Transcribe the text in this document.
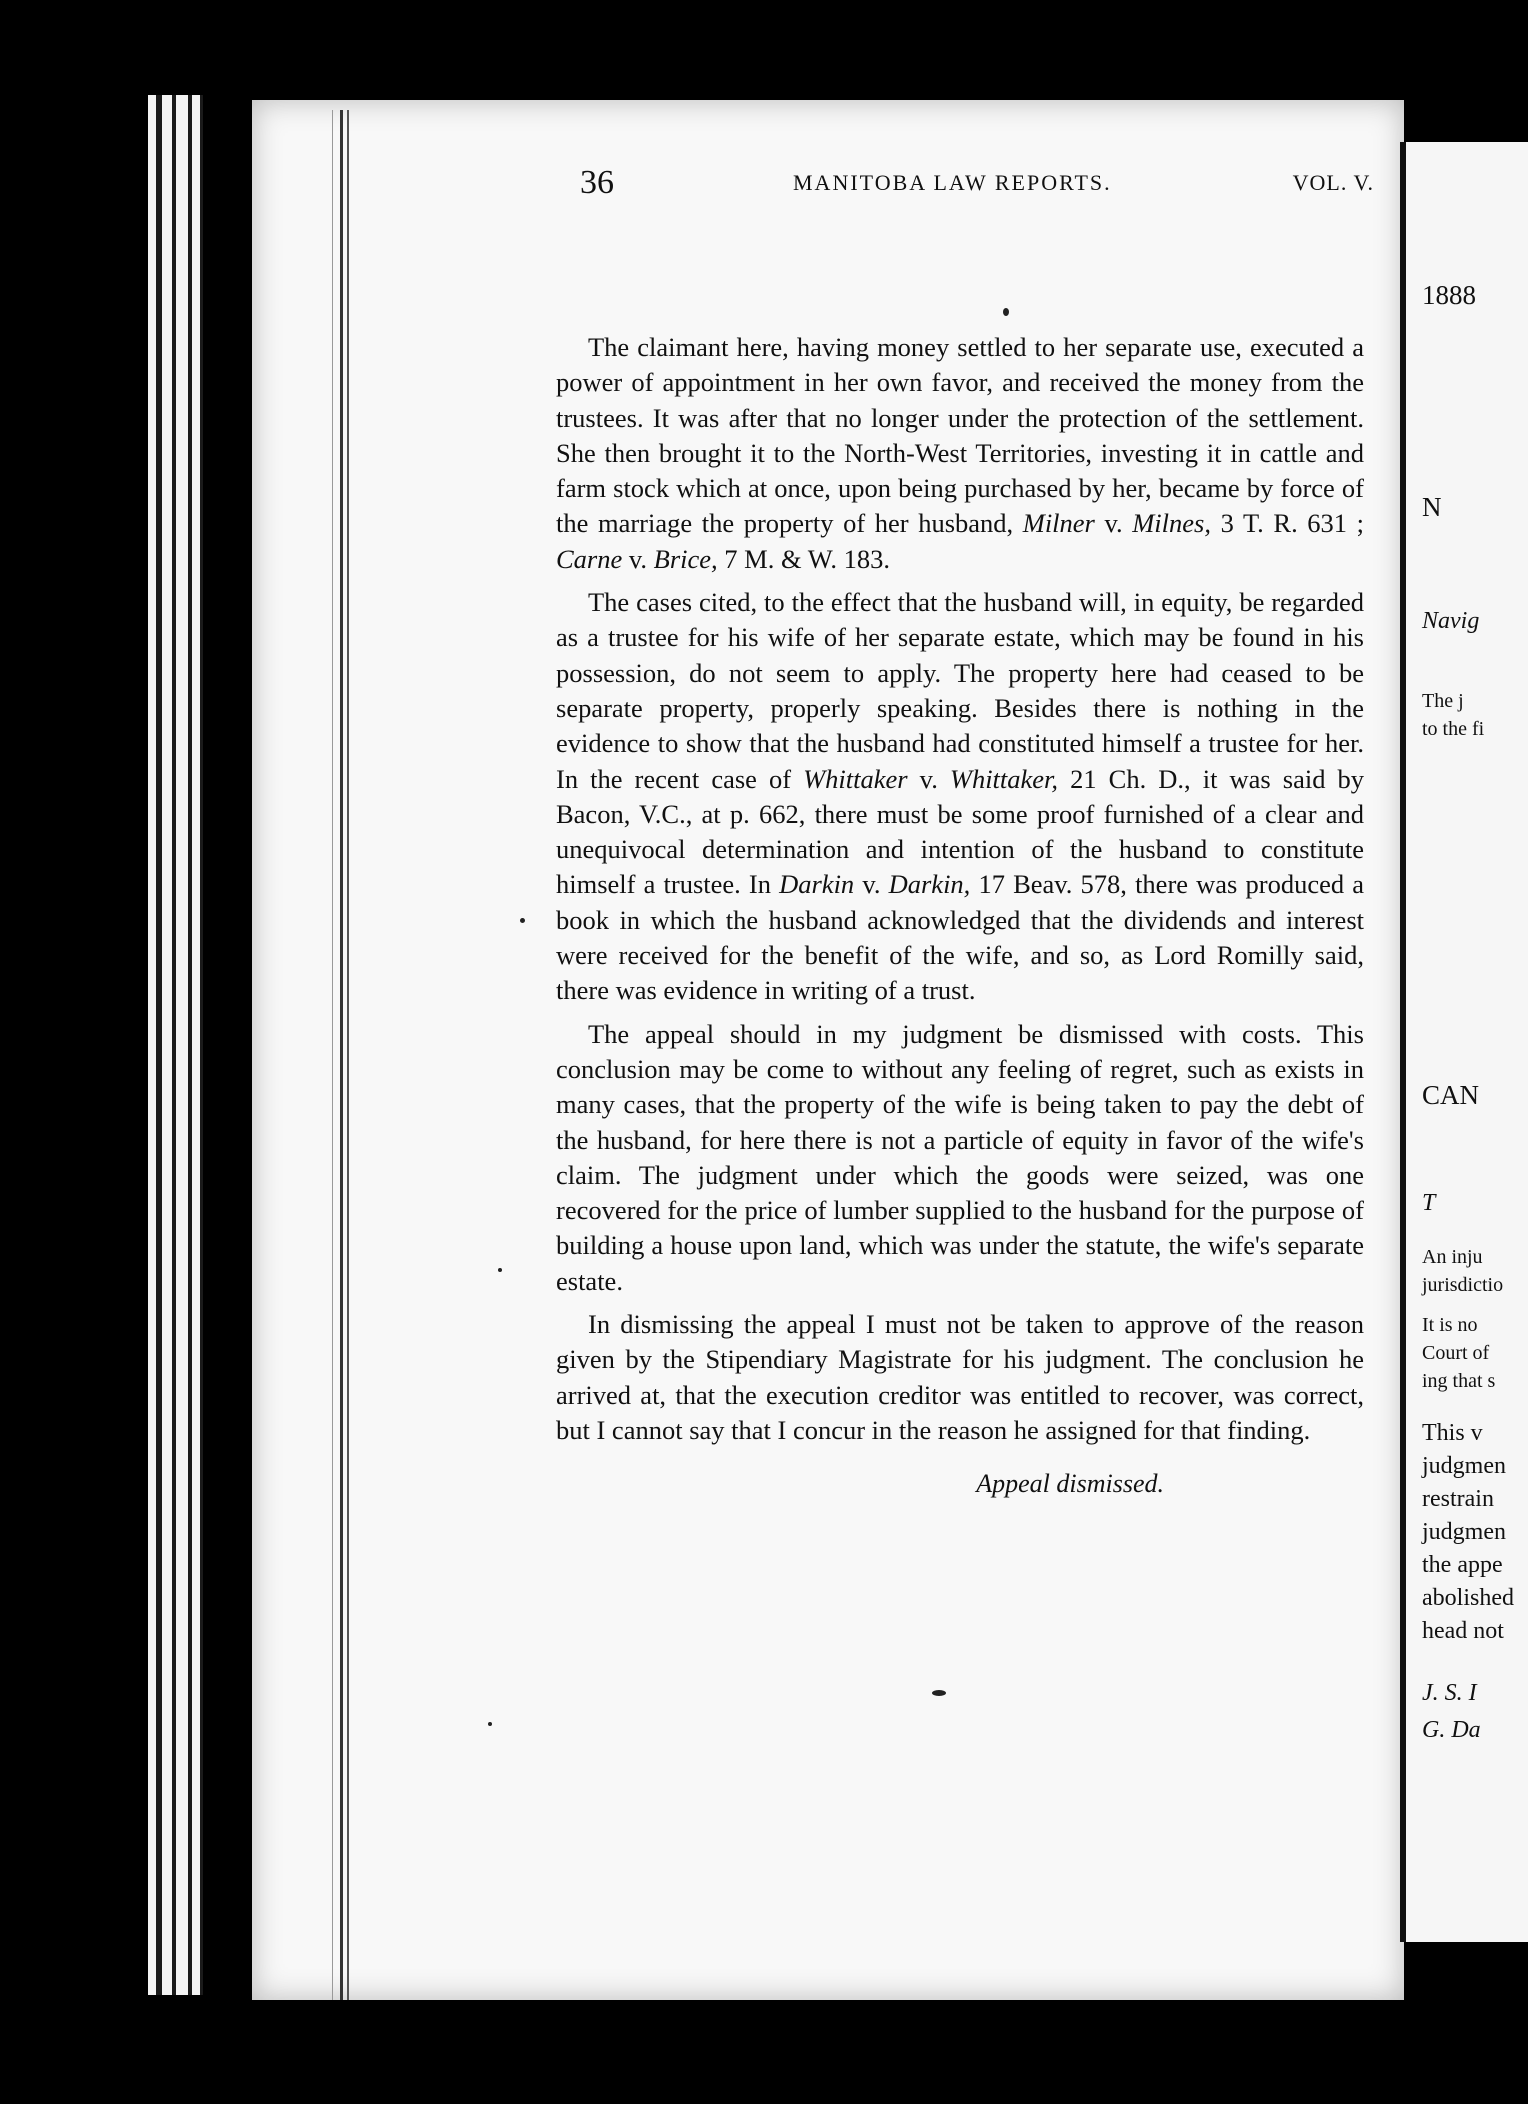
36	MANITOBA LAW REPORTS.	VOL. V.

The claimant here, having money settled to her separate use, executed a power of appointment in her own favor, and received the money from the trustees. It was after that no longer under the protection of the settlement. She then brought it to the North-West Territories, investing it in cattle and farm stock which at once, upon being purchased by her, became by force of the marriage the property of her husband, Milner v. Milnes, 3 T. R. 631 ; Carne v. Brice, 7 M. & W. 183.

The cases cited, to the effect that the husband will, in equity, be regarded as a trustee for his wife of her separate estate, which may be found in his possession, do not seem to apply. The property here had ceased to be separate property, properly speaking. Besides there is nothing in the evidence to show that the husband had constituted himself a trustee for her. In the recent case of Whittaker v. Whittaker, 21 Ch. D., it was said by Bacon, V.C., at p. 662, there must be some proof furnished of a clear and unequivocal determination and intention of the husband to constitute himself a trustee. In Darkin v. Darkin, 17 Beav. 578, there was produced a book in which the husband acknowledged that the dividends and interest were received for the benefit of the wife, and so, as Lord Romilly said, there was evidence in writing of a trust.

The appeal should in my judgment be dismissed with costs. This conclusion may be come to without any feeling of regret, such as exists in many cases, that the property of the wife is being taken to pay the debt of the husband, for here there is not a particle of equity in favor of the wife's claim. The judgment under which the goods were seized, was one recovered for the price of lumber supplied to the husband for the purpose of building a house upon land, which was under the statute, the wife's separate estate.

In dismissing the appeal I must not be taken to approve of the reason given by the Stipendiary Magistrate for his judgment. The conclusion he arrived at, that the execution creditor was entitled to recover, was correct, but I cannot say that I concur in the reason he assigned for that finding.

Appeal dismissed.
1888
N
Navig
The j
to the fi
CAN
T
An inju
jurisdictio
It is no
Court of
ing that s
This v
judgmen
restrain
judgmen
the appe
abolished
head not
J. S. I
G. Da
